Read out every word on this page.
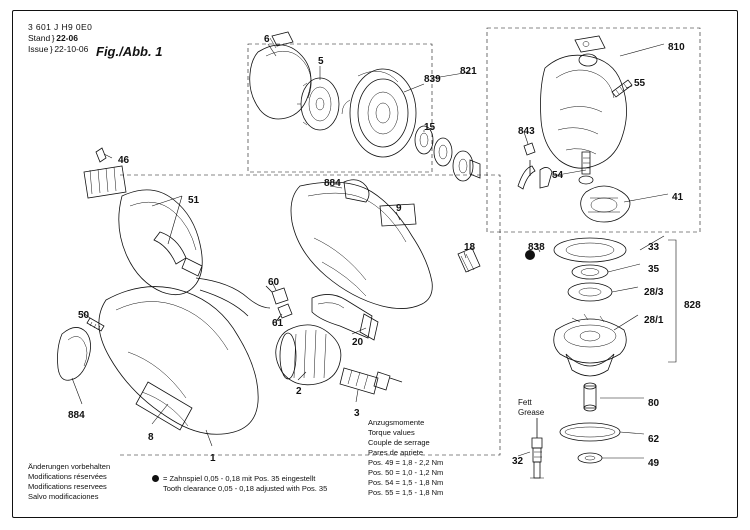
3 601 J H9 0E0
Stand } 22-06
Issue } 22-10-06 Fig./Abb. 1
Änderungen vorbehalten
Modifications réservées
Modifications reservees
Salvo modificaciones
= Zahnspiel 0,05 - 0,18 mit Pos. 35 eingestellt
Tooth clearance 0,05 - 0,18 adjusted with Pos. 35
Anzugsmomente
Torque values
Couple de serrage
Pares de apriete
Pos. 49 = 1,8 - 2,2 Nm
Pos. 50 = 1,0 - 1,2 Nm
Pos. 54 = 1,5 - 1,8 Nm
Pos. 55 = 1,5 - 1,8 Nm
Fett
Grease
6
5
839
821
810
55
15	843
54
41
46
51
884
9
18	838	33
35
828
28/3
28/1
60
61
20
50
2
3
80
62
49
32
884
8
1
